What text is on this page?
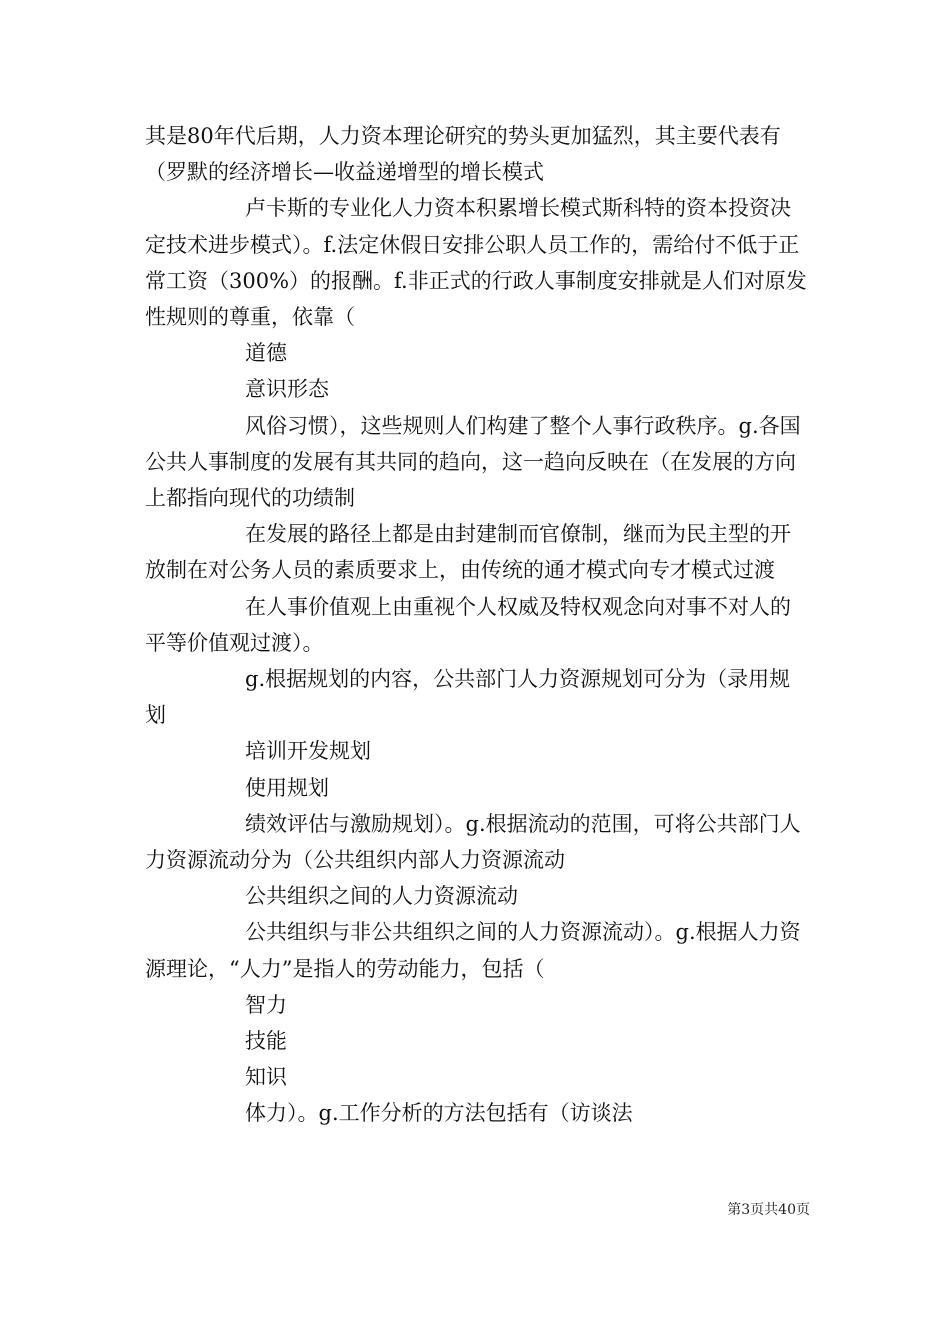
其是80年代后期，人力资本理论研究的势头更加猛烈，其主要代表有（罗默的经济增长—收益递增型的增长模式

卢卡斯的专业化人力资本积累增长模式斯科特的资本投资决定技术进步模式）。f.法定休假日安排公职人员工作的，需给付不低于正常工资（300%）的报酬。f.非正式的行政人事制度安排就是人们对原发性规则的尊重，依靠（

道德

意识形态

风俗习惯），这些规则人们构建了整个人事行政秩序。g.各国公共人事制度的发展有其共同的趋向，这一趋向反映在（在发展的方向上都指向现代的功绩制

在发展的路径上都是由封建制而官僚制，继而为民主型的开放制在对公务人员的素质要求上，由传统的通才模式向专才模式过渡

在人事价值观上由重视个人权威及特权观念向对事不对人的平等价值观过渡）。

g.根据规划的内容，公共部门人力资源规划可分为（录用规划

培训开发规划

使用规划

绩效评估与激励规划）。g.根据流动的范围，可将公共部门人力资源流动分为（公共组织内部人力资源流动

公共组织之间的人力资源流动

公共组织与非公共组织之间的人力资源流动）。g.根据人力资源理论，“人力”是指人的劳动能力，包括（

智力

技能

知识

体力）。g.工作分析的方法包括有（访谈法

第3页共40页
